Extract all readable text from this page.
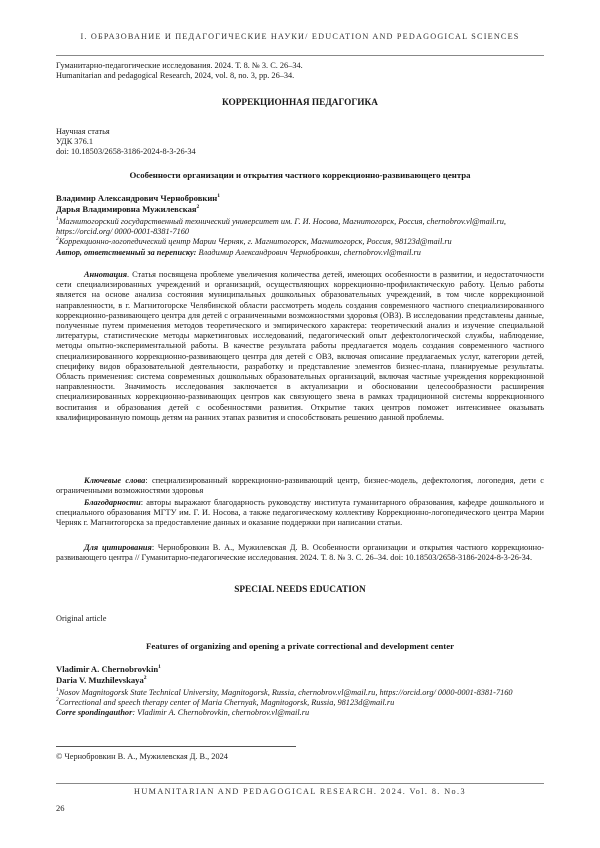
I. ОБРАЗОВАНИЕ И ПЕДАГОГИЧЕСКИЕ НАУКИ/ EDUCATION AND PEDAGOGICAL SCIENCES

Гуманитарно-педагогические исследования. 2024. Т. 8. № 3. С. 26–34.

Humanitarian and pedagogical Research, 2024, vol. 8, no. 3, pp. 26–34.

КОРРЕКЦИОННАЯ ПЕДАГОГИКА

Научная статья

УДК 376.1

doi: 10.18503/2658-3186-2024-8-3-26-34

Особенности организации и открытия частного коррекционно-развивающего центра

Владимир Александрович Чернобровкин$^1$

Дарья Владимировна Мужилевская$^2$

$^1$Магнитогорский государственный технический университет им. Г. И. Носова, Магнитогорск, Россия, chernobrov.vl@mail.ru, https://orcid.org/ 0000-0001-8381-7160

$^2$Коррекционно-логопедический центр Марии Черняк, г. Магнитогорск, Магнитогорск, Россия, 98123d@mail.ru

Автор, ответственный за переписку: Владимир Александрович Чернобровкин, chernobrov.vl@mail.ru

Аннотация. Статья посвящена проблеме увеличения количества детей, имеющих особенности в развитии, и недостаточности сети специализированных учреждений и организаций, осуществляющих коррекционно-профилактическую работу. Целью работы является на основе анализа состояния муниципальных дошкольных образовательных учреждений, в том числе коррекционной направленности, в г. Магнитогорске Челябинской области рассмотреть модель создания современного частного специализированного коррекционно-развивающего центра для детей с ограниченными возможностями здоровья (ОВЗ). В исследовании представлены данные, полученные путем применения методов теоретического и эмпирического характера: теоретический анализ и изучение специальной литературы, статистические методы маркетинговых исследований, педагогический опыт дефектологической службы, наблюдение, методы опытно-экспериментальной работы. В качестве результата работы предлагается модель создания современного частного специализированного коррекционно-развивающего центра для детей с ОВЗ, включая описание предлагаемых услуг, категории детей, специфику видов образовательной деятельности, разработку и представление элементов бизнес-плана, планируемые результаты. Область применения: система современных дошкольных образовательных организаций, включая частные учреждения коррекционной направленности. Значимость исследования заключается в актуализации и обосновании целесообразности расширения специализированных коррекционно-развивающих центров как связующего звена в рамках традиционной системы коррекционного воспитания и образования детей с особенностями развития. Открытие таких центров поможет интенсивнее оказывать квалифицированную помощь детям на ранних этапах развития и способствовать решению данной проблемы.
Ключевые слова: специализированный коррекционно-развивающий центр, бизнес-модель, дефектология, логопедия, дети с ограниченными возможностями здоровья
Благодарности: авторы выражают благодарность руководству института гуманитарного образования, кафедре дошкольного и специального образования МГТУ им. Г. И. Носова, а также педагогическому коллективу Коррекционно-логопедического центра Марии Черняк г. Магнитогорска за предоставление данных и оказание поддержки при написании статьи.
Для цитирования: Чернобровкин В. А., Мужилевская Д. В. Особенности организации и открытия частного коррекционно-развивающего центра // Гуманитарно-педагогические исследования. 2024. Т. 8. № 3. С. 26–34. doi: 10.18503/2658-3186-2024-8-3-26-34.
SPECIAL NEEDS EDUCATION
Original article
Features of organizing and opening a private correctional and development center

Vladimir A. Chernobrovkin$^1$

Daria V. Muzhilevskaya$^2$

$^1$Nosov Magnitogorsk State Technical University, Magnitogorsk, Russia, chernobrov.vl@mail.ru, https://orcid.org/ 0000-0001-8381-7160

$^2$Correctional and speech therapy center of Maria Chernyak, Magnitogorsk, Russia, 98123d@mail.ru

Corre spondingauthor: Vladimir A. Chernobrovkin, chernobrov.vl@mail.ru

© Чернобровкин В. А., Мужилевская Д. В., 2024
HUMANITARIAN AND PEDAGOGICAL RESEARCH. 2024. Vol. 8. No.3
26
